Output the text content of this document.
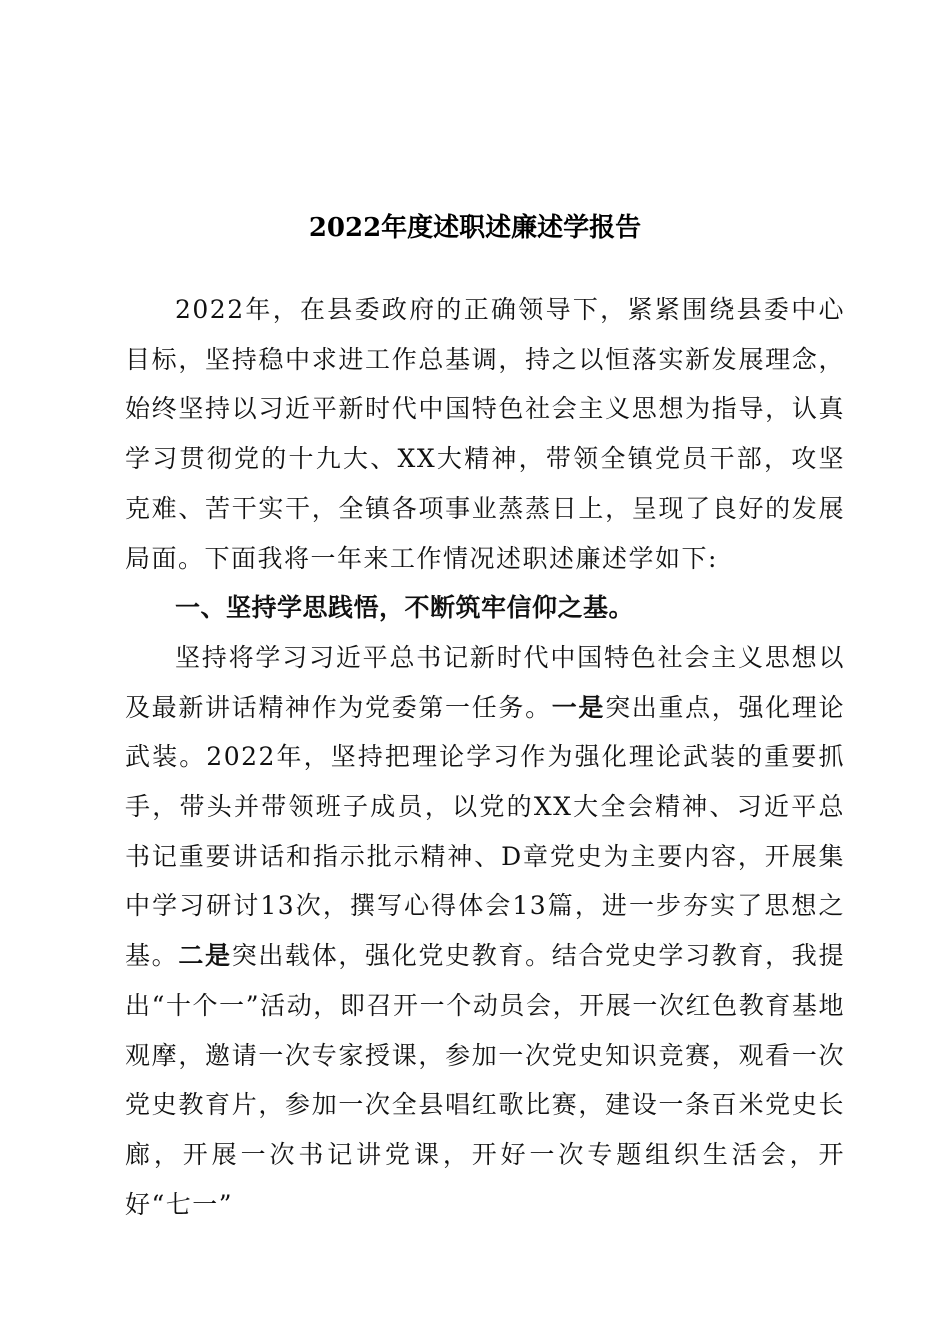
2022年度述职述廉述学报告

2022年，在县委政府的正确领导下，紧紧围绕县委中心目标，坚持稳中求进工作总基调，持之以恒落实新发展理念，始终坚持以习近平新时代中国特色社会主义思想为指导，认真学习贯彻党的十九大、XX大精神，带领全镇党员干部，攻坚克难、苦干实干，全镇各项事业蒸蒸日上，呈现了良好的发展局面。下面我将一年来工作情况述职述廉述学如下:

一、坚持学思践悟，不断筑牢信仰之基。

坚持将学习习近平总书记新时代中国特色社会主义思想以及最新讲话精神作为党委第一任务。一是突出重点，强化理论武装。2022年，坚持把理论学习作为强化理论武装的重要抓手，带头并带领班子成员，以党的XX大全会精神、习近平总书记重要讲话和指示批示精神、D章党史为主要内容，开展集中学习研讨13次，撰写心得体会13篇，进一步夯实了思想之基。二是突出载体，强化党史教育。结合党史学习教育，我提出“十个一”活动，即召开一个动员会，开展一次红色教育基地观摩，邀请一次专家授课，参加一次党史知识竞赛，观看一次党史教育片，参加一次全县唱红歌比赛，建设一条百米党史长廊，开展一次书记讲党课，开好一次专题组织生活会，开好“七一”
